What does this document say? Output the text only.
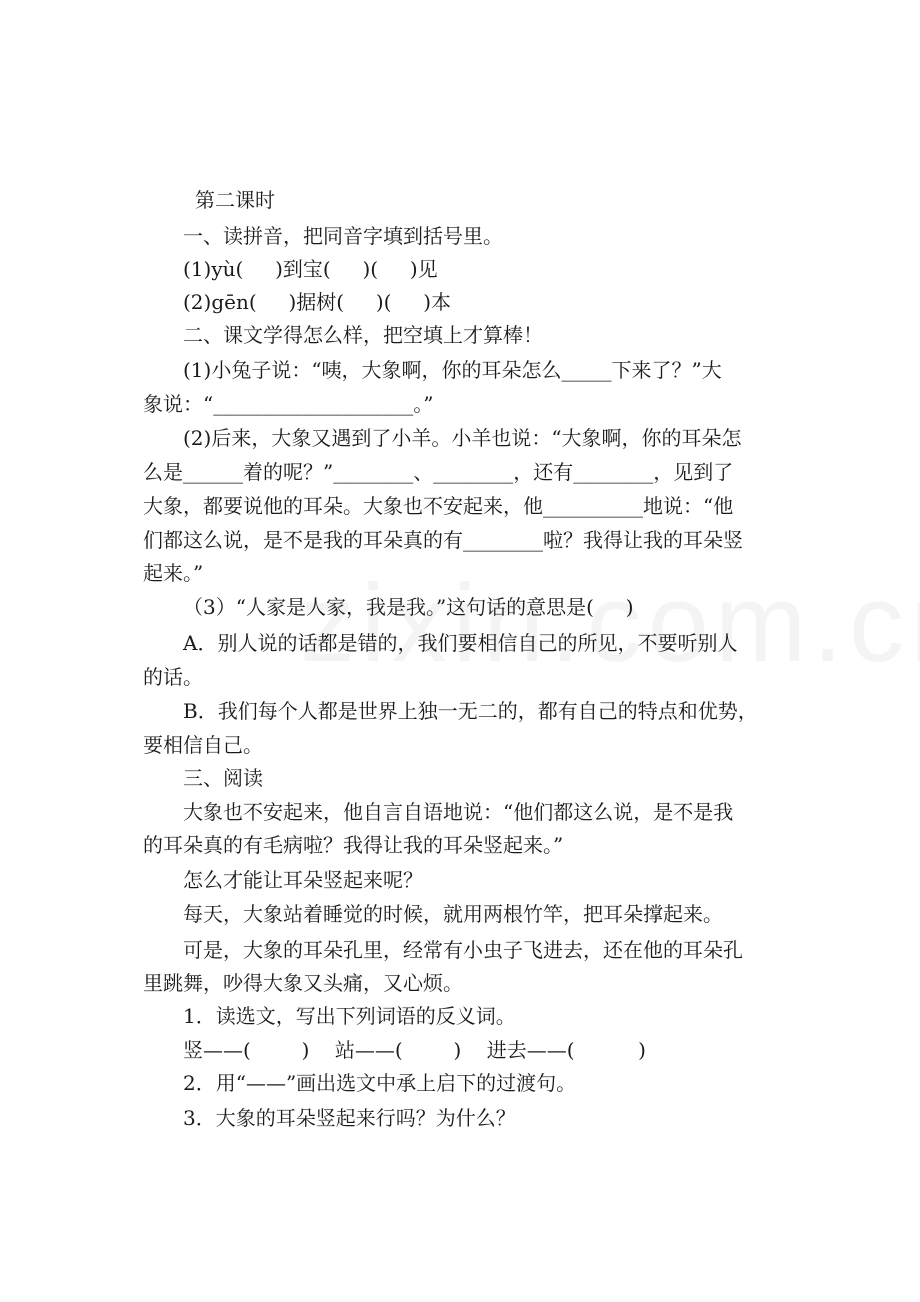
第二课时
一、读拼音，把同音字填到括号里。
(1)yù(     )到宝(     )(     )见
(2)gēn(     )据树(     )(     )本
二、课文学得怎么样，把空填上才算棒！
(1)小兔子说：“咦，大象啊，你的耳朵怎么_____下来了？”大
象说：“____________________。”
(2)后来，大象又遇到了小羊。小羊也说：“大象啊，你的耳朵怎
么是______着的呢？”________、________，还有________，见到了
大象，都要说他的耳朵。大象也不安起来，他__________地说：“他
们都这么说，是不是我的耳朵真的有________啦？我得让我的耳朵竖
起来。”
（3）“人家是人家，我是我。”这句话的意思是(     )
A．别人说的话都是错的，我们要相信自己的所见，不要听别人
的话。
B．我们每个人都是世界上独一无二的，都有自己的特点和优势，
要相信自己。
三、阅读
大象也不安起来，他自言自语地说：“他们都这么说，是不是我
的耳朵真的有毛病啦？我得让我的耳朵竖起来。”
怎么才能让耳朵竖起来呢？
每天，大象站着睡觉的时候，就用两根竹竿，把耳朵撑起来。
可是，大象的耳朵孔里，经常有小虫子飞进去，还在他的耳朵孔
里跳舞，吵得大象又头痛，又心烦。
1．读选文，写出下列词语的反义词。
竖——(        )    站——(        )    进去——(          )
2．用“——”画出选文中承上启下的过渡句。
3．大象的耳朵竖起来行吗？为什么？
